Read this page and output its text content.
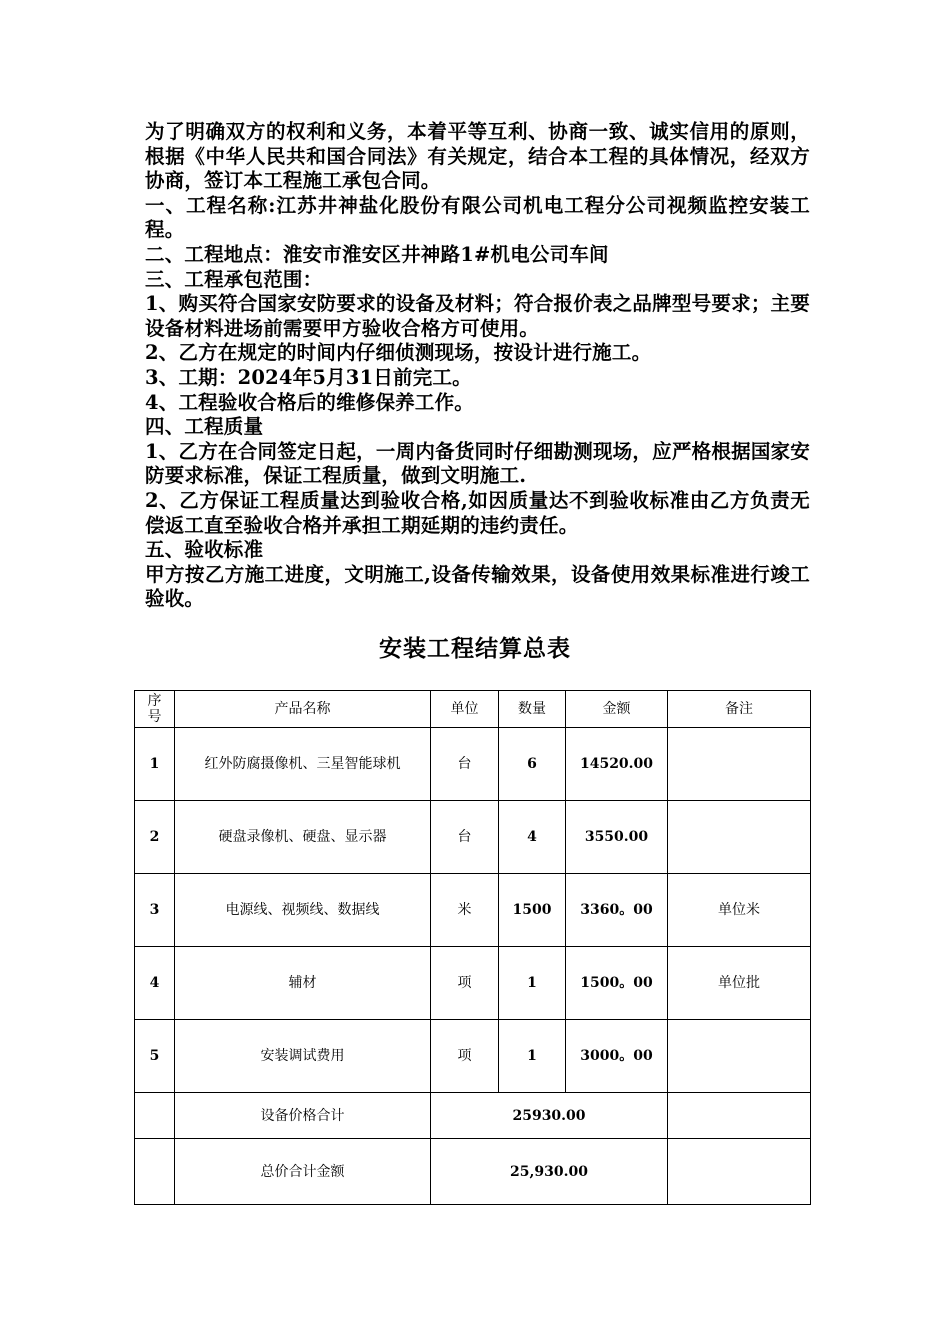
为了明确双方的权利和义务，本着平等互利、协商一致、诚实信用的原则，根据《中华人民共和国合同法》有关规定，结合本工程的具体情况，经双方协商，签订本工程施工承包合同。

一、工程名称:江苏井神盐化股份有限公司机电工程分公司视频监控安装工程。

二、工程地点：淮安市淮安区井神路1#机电公司车间

三、工程承包范围：

1、购买符合国家安防要求的设备及材料；符合报价表之品牌型号要求；主要设备材料进场前需要甲方验收合格方可使用。

2、乙方在规定的时间内仔细侦测现场，按设计进行施工。

3、工期：2024年5月31日前完工。

4、工程验收合格后的维修保养工作。

四、工程质量

1、乙方在合同签定日起，一周内备货同时仔细勘测现场，应严格根据国家安防要求标准，保证工程质量，做到文明施工.

2、乙方保证工程质量达到验收合格,如因质量达不到验收标准由乙方负责无偿返工直至验收合格并承担工期延期的违约责任。

五、验收标准

甲方按乙方施工进度，文明施工,设备传输效果，设备使用效果标准进行竣工验收。

安装工程结算总表
序
号	产品名称	单位	数量	金额	备注
1	红外防腐摄像机、三星智能球机	台	6	14520.00	
2	硬盘录像机、硬盘、显示器	台	4	3550.00	
3	电源线、视频线、数据线	米	1500	3360。00	单位米
4	辅材	项	1	1500。00	单位批
5	安装调试费用	项	1	3000。00	
	设备价格合计	25930.00			
	总价合计金额	25,930.00			
